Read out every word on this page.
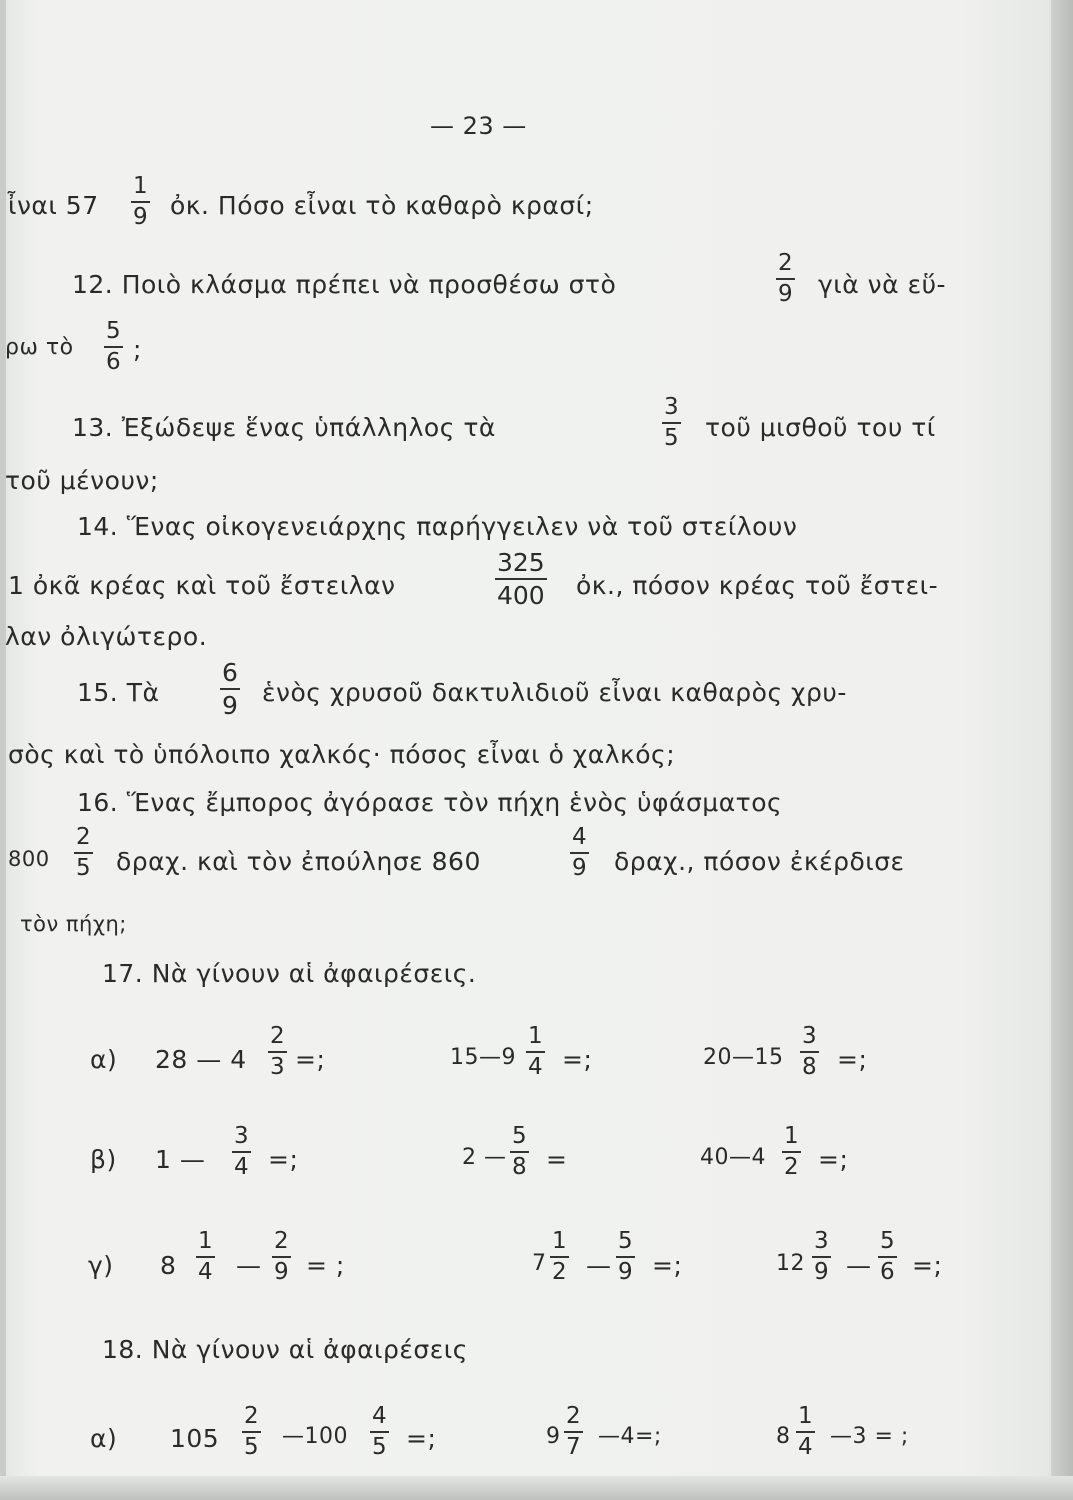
— 23 —
ἶναι 57
1
9 ὀκ. Πόσο εἶναι τὸ καθαρὸ κρασί;
12. Ποιὸ κλάσμα πρέπει νὰ προσθέσω στὸ
2
9 γιὰ νὰ εὕ-
ρω τὸ
5
6 ;
13. Ἐξώδεψε ἕνας ὑπάλληλος τὰ
3
5 τοῦ μισθοῦ του τί
τοῦ μένουν;
14. Ἕνας οἰκογενειάρχης παρήγγειλεν νὰ τοῦ στείλουν
1 ὀκᾶ κρέας καὶ τοῦ ἔστειλαν
325
400 ὀκ., πόσον κρέας τοῦ ἔστει-
λαν ὀλιγώτερο.
15. Τὰ
6
9 ἑνὸς χρυσοῦ δακτυλιδιοῦ εἶναι καθαρὸς χρυ-
σὸς καὶ τὸ ὑπόλοιπο χαλκός· πόσος εἶναι ὁ χαλκός;
16. Ἕνας ἔμπορος ἀγόρασε τὸν πήχη ἑνὸς ὑφάσματος
800
2
5 δραχ. καὶ τὸν ἐπούλησε 860
4
9 δραχ., πόσον ἐκέρδισε
τὸν πήχη;
17. Νὰ γίνουν αἱ ἀφαιρέσεις.
α) 28 — 4
2
3 =;	15—9
1
4 =;	20—15
3
8 =;
β) 1 —
3
4 =;	2 —
5
8 =	40—4
1
2 =;
γ) 8
1
4 —
2
9 = ;	7
1
2 —
5
9 =;	12
3
9 —
5
6 =;
18. Νὰ γίνουν αἱ ἀφαιρέσεις
α) 105
2
5 —100
4
5 =;	9
2
7 —4=;	8
1
4 —3 = ;
